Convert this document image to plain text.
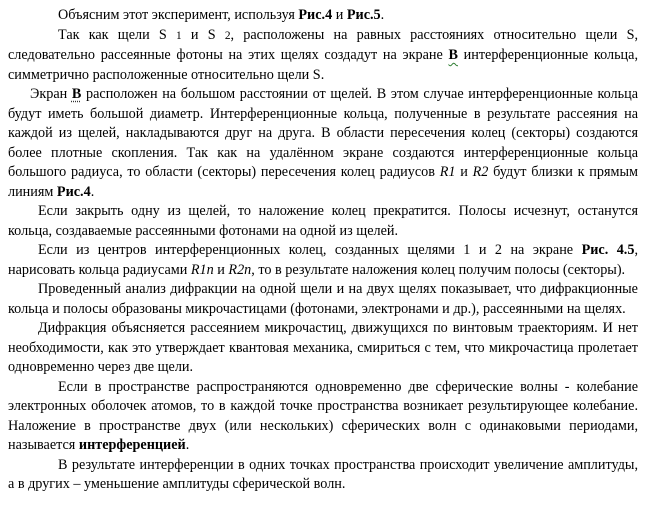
Объясним этот эксперимент, используя Рис.4 и Рис.5.

Так как щели S 1 и S 2, расположены на равных расстояниях относительно щели S, следовательно рассеянные фотоны на этих щелях создадут на экране В интерференционные кольца, симметрично расположенные относительно щели S.

Экран В расположен на большом расстоянии от щелей. В этом случае интерференционные кольца будут иметь большой диаметр. Интерференционные кольца, полученные в результате рассеяния на каждой из щелей, накладываются друг на друга. В области пересечения колец (секторы) создаются более плотные скопления. Так как на удалённом экране создаются интерференционные кольца большого радиуса, то области (секторы) пересечения колец радиусов R1 и R2 будут близки к прямым линиям Рис.4.

Если закрыть одну из щелей, то наложение колец прекратится. Полосы исчезнут, останутся кольца, создаваемые рассеянными фотонами на одной из щелей.

Если из центров интерференционных колец, созданных щелями 1 и 2 на экране Рис. 4.5, нарисовать кольца радиусами R1n и R2n, то в результате наложения колец получим полосы (секторы).

Проведенный анализ дифракции на одной щели и на двух щелях показывает, что дифракционные кольца и полосы образованы микрочастицами (фотонами, электронами и др.), рассеянными на щелях.

Дифракция объясняется рассеянием микрочастиц, движущихся по винтовым траекториям. И нет необходимости, как это утверждает квантовая механика, смириться с тем, что микрочастица пролетает одновременно через две щели.

Если в пространстве распространяются одновременно две сферические волны - колебание электронных оболочек атомов, то в каждой точке пространства возникает результирующее колебание. Наложение в пространстве двух (или нескольких) сферических волн с одинаковыми периодами, называется интерференцией.

В результате интерференции в одних точках пространства происходит увеличение амплитуды, а в других – уменьшение амплитуды сферической волн.
